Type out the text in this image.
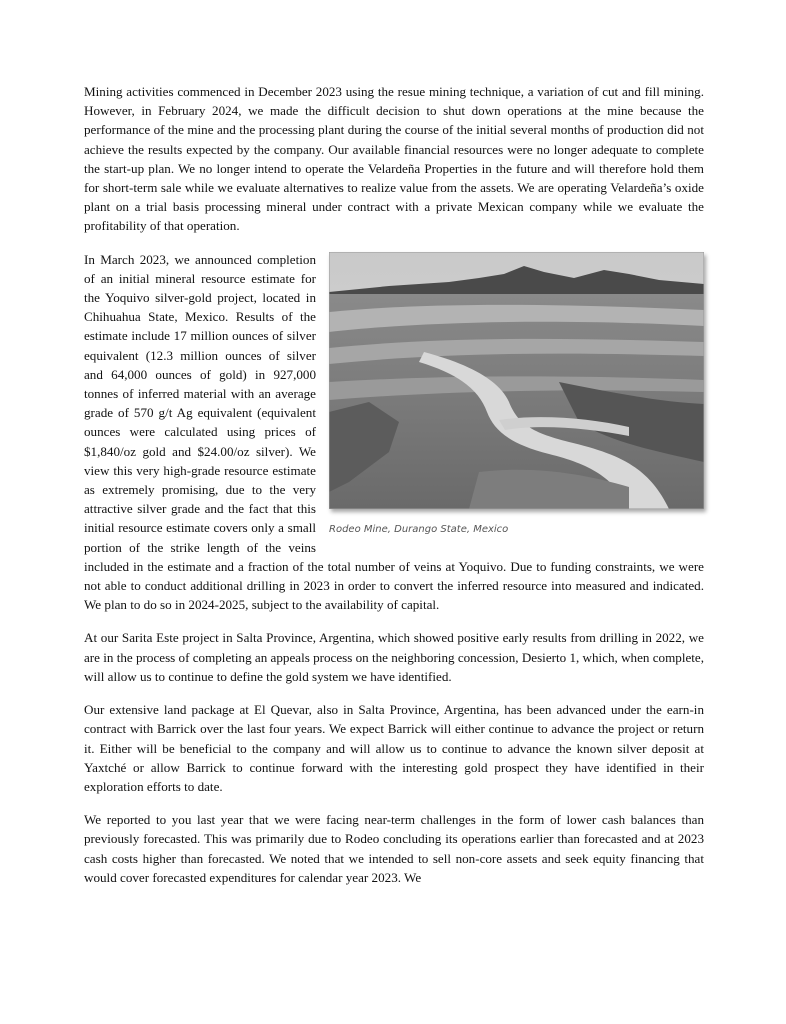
Mining activities commenced in December 2023 using the resue mining technique, a variation of cut and fill mining. However, in February 2024, we made the difficult decision to shut down operations at the mine because the performance of the mine and the processing plant during the course of the initial several months of production did not achieve the results expected by the company. Our available financial resources were no longer adequate to complete the start-up plan. We no longer intend to operate the Velardeña Properties in the future and will therefore hold them for short-term sale while we evaluate alternatives to realize value from the assets. We are operating Velardeña’s oxide plant on a trial basis processing mineral under contract with a private Mexican company while we evaluate the profitability of that operation.

Rodeo Mine, Durango State, Mexico

In March 2023, we announced completion of an initial mineral resource estimate for the Yoquivo silver-gold project, located in Chihuahua State, Mexico. Results of the estimate include 17 million ounces of silver equivalent (12.3 million ounces of silver and 64,000 ounces of gold) in 927,000 tonnes of inferred material with an average grade of 570 g/t Ag equivalent (equivalent ounces were calculated using prices of $1,840/oz gold and $24.00/oz silver). We view this very high-grade resource estimate as extremely promising, due to the very attractive silver grade and the fact that this initial resource estimate covers only a small portion of the strike length of the veins included in the estimate and a fraction of the total number of veins at Yoquivo. Due to funding constraints, we were not able to conduct additional drilling in 2023 in order to convert the inferred resource into measured and indicated. We plan to do so in 2024-2025, subject to the availability of capital.

At our Sarita Este project in Salta Province, Argentina, which showed positive early results from drilling in 2022, we are in the process of completing an appeals process on the neighboring concession, Desierto 1, which, when complete, will allow us to continue to define the gold system we have identified.

Our extensive land package at El Quevar, also in Salta Province, Argentina, has been advanced under the earn-in contract with Barrick over the last four years. We expect Barrick will either continue to advance the project or return it. Either will be beneficial to the company and will allow us to continue to advance the known silver deposit at Yaxtché or allow Barrick to continue forward with the interesting gold prospect they have identified in their exploration efforts to date.

We reported to you last year that we were facing near-term challenges in the form of lower cash balances than previously forecasted. This was primarily due to Rodeo concluding its operations earlier than forecasted and at 2023 cash costs higher than forecasted. We noted that we intended to sell non-core assets and seek equity financing that would cover forecasted expenditures for calendar year 2023. We
